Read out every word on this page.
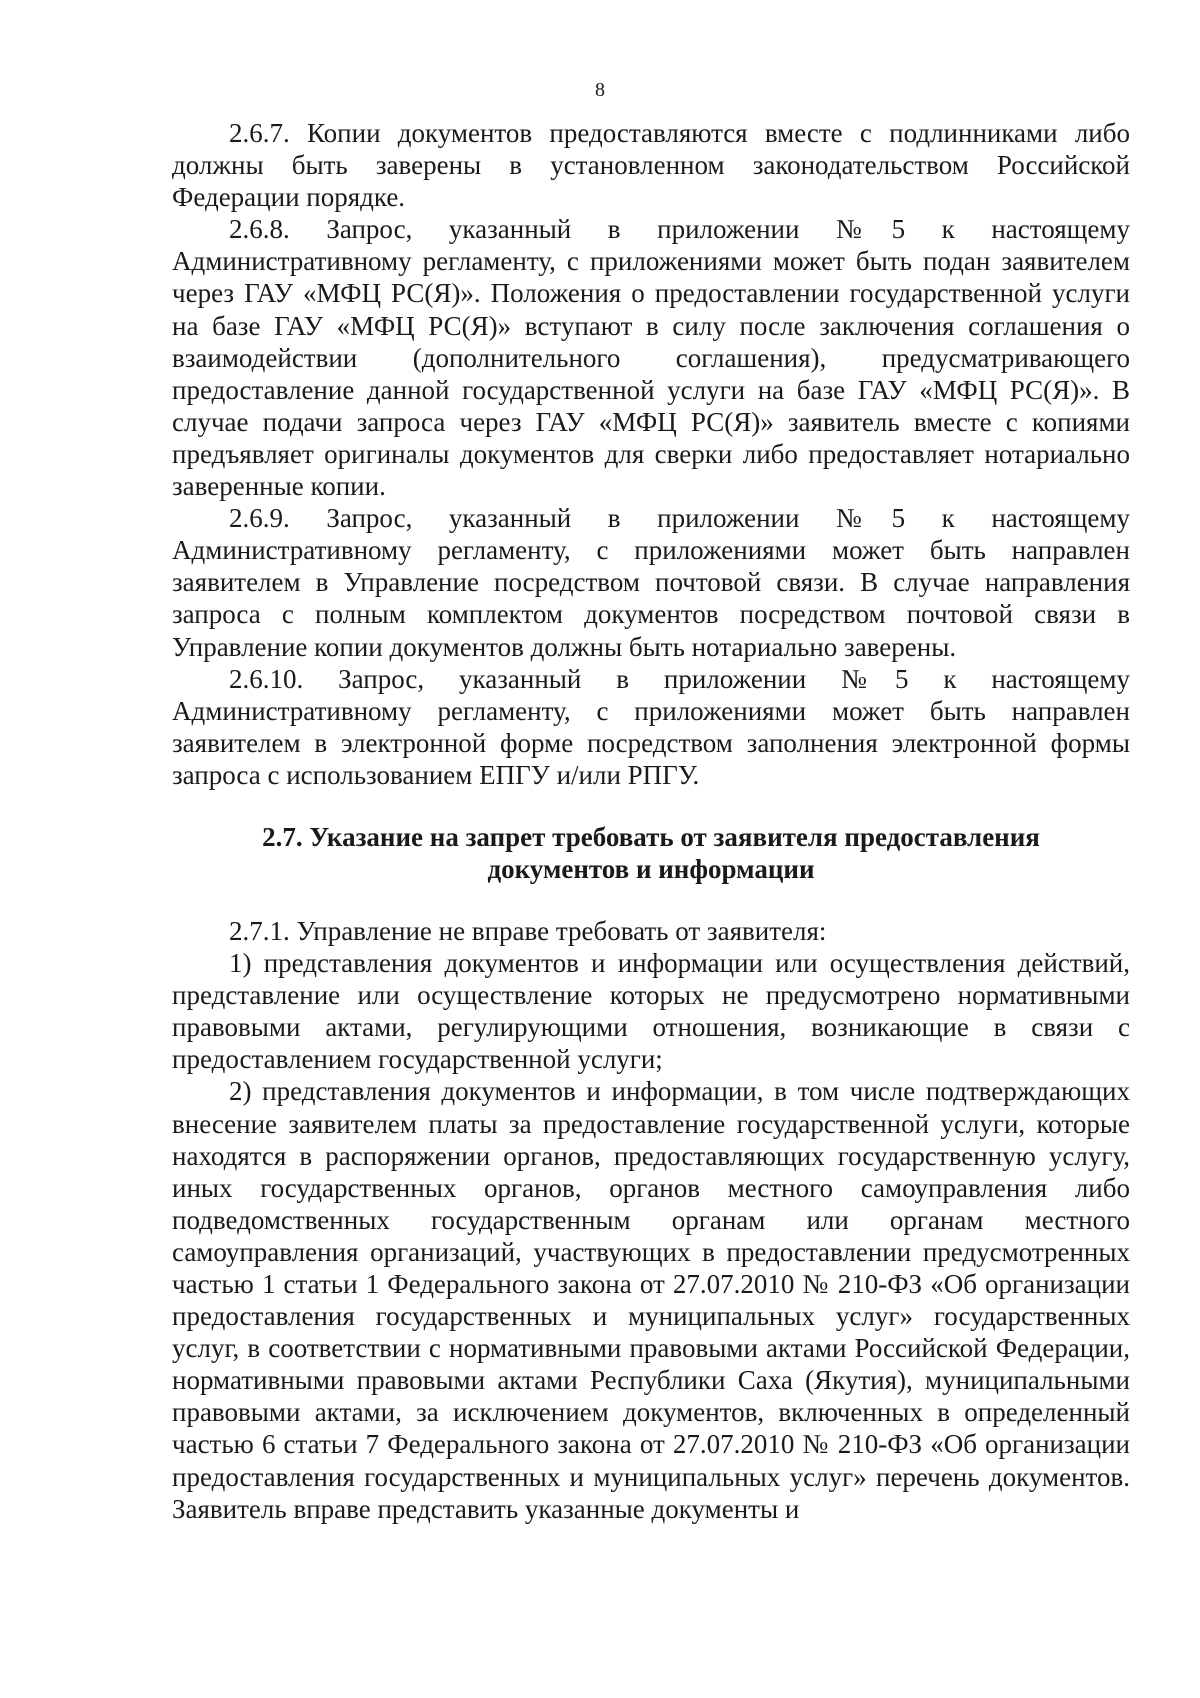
8

2.6.7. Копии документов предоставляются вместе с подлинниками либо должны быть заверены в установленном законодательством Российской Федерации порядке.

2.6.8. Запрос, указанный в приложении №5 к настоящему Административному регламенту, с приложениями может быть подан заявителем через ГАУ «МФЦ РС(Я)». Положения о предоставлении государственной услуги на базе ГАУ «МФЦ РС(Я)» вступают в силу после заключения соглашения о взаимодействии (дополнительного соглашения), предусматривающего предоставление данной государственной услуги на базе ГАУ «МФЦ РС(Я)». В случае подачи запроса через ГАУ «МФЦ РС(Я)» заявитель вместе с копиями предъявляет оригиналы документов для сверки либо предоставляет нотариально заверенные копии.

2.6.9. Запрос, указанный в приложении №5 к настоящему Административному регламенту, с приложениями может быть направлен заявителем в Управление посредством почтовой связи. В случае направления запроса с полным комплектом документов посредством почтовой связи в Управление копии документов должны быть нотариально заверены.

2.6.10. Запрос, указанный в приложении №5 к настоящему Административному регламенту, с приложениями может быть направлен заявителем в электронной форме посредством заполнения электронной формы запроса с использованием ЕПГУ и/или РПГУ.

2.7. Указание на запрет требовать от заявителя предоставления
документов и информации

2.7.1. Управление не вправе требовать от заявителя:

1) представления документов и информации или осуществления действий, представление или осуществление которых не предусмотрено нормативными правовыми актами, регулирующими отношения, возникающие в связи с предоставлением государственной услуги;

2) представления документов и информации, в том числе подтверждающих внесение заявителем платы за предоставление государственной услуги, которые находятся в распоряжении органов, предоставляющих государственную услугу, иных государственных органов, органов местного самоуправления либо подведомственных государственным органам или органам местного самоуправления организаций, участвующих в предоставлении предусмотренных частью 1 статьи 1 Федерального закона от 27.07.2010 № 210-ФЗ «Об организации предоставления государственных и муниципальных услуг» государственных услуг, в соответствии с нормативными правовыми актами Российской Федерации, нормативными правовыми актами Республики Саха (Якутия), муниципальными правовыми актами, за исключением документов, включенных в определенный частью 6 статьи 7 Федерального закона от 27.07.2010 № 210-ФЗ «Об организации предоставления государственных и муниципальных услуг» перечень документов. Заявитель вправе представить указанные документы и
